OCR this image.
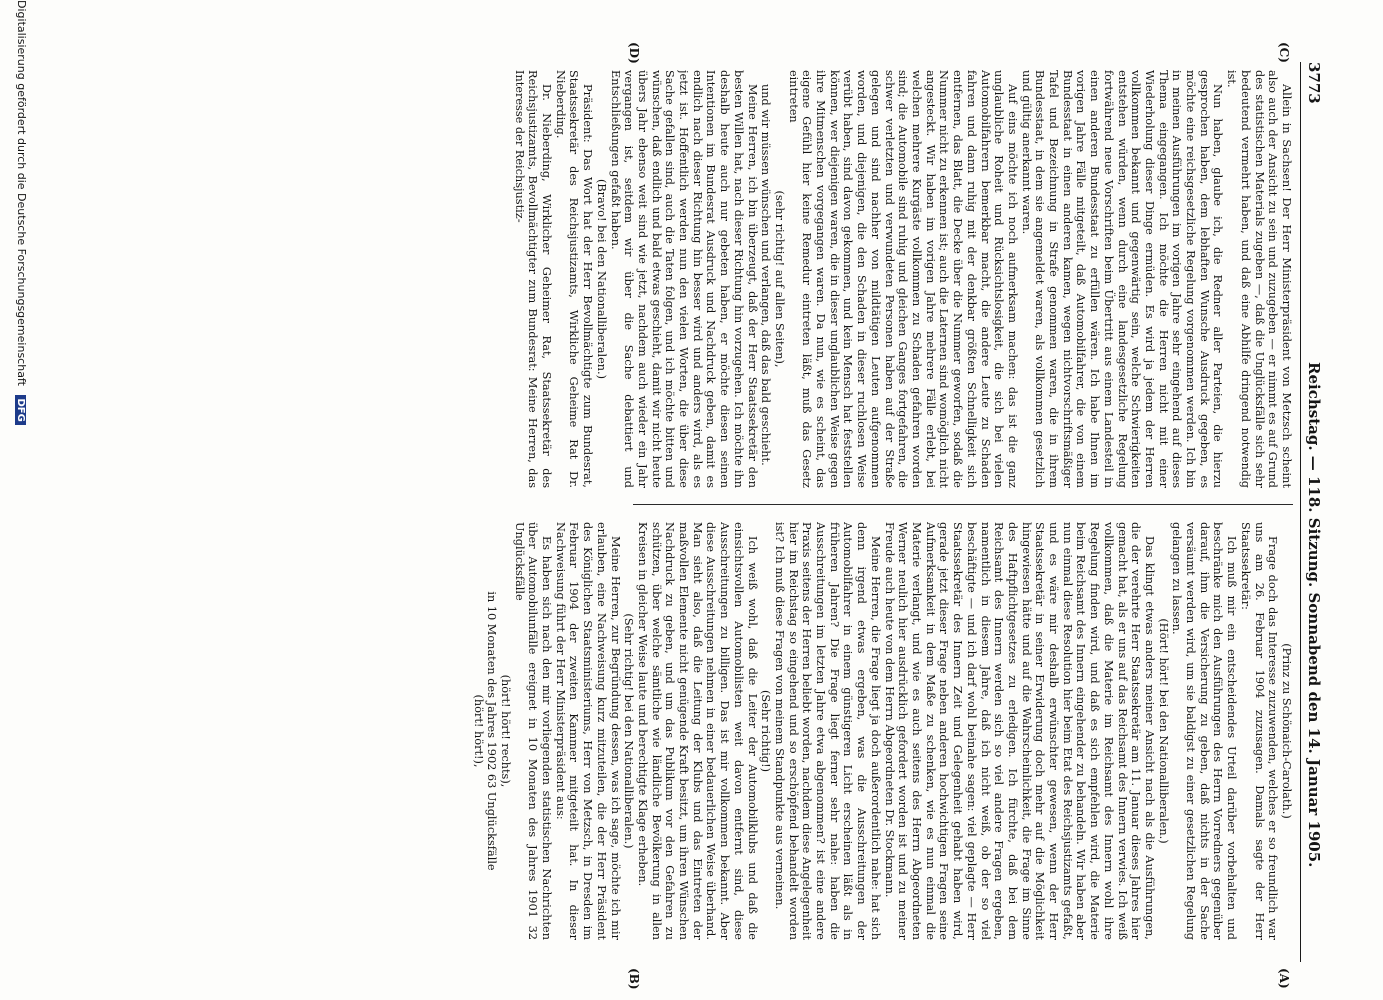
3773
Reichstag. — 118. Sitzung. Sonnabend den 14. Januar 1905.
(C)
(D)
(A)
(B)

Allein in Sachsen! Der Herr Ministerpräsident von Metzsch scheint also auch der Ansicht zu sein und zuzugeben — er nimmt es auf Grund des statistischen Materials zugeben —, daß die Unglücksfälle sich sehr bedeutend vermehrt haben, und daß eine Abhilfe dringend notwendig ist.

Nun haben, glaube ich, die Redner aller Parteien, die hierzu gesprochen haben, dem lebhaften Wunsche Ausdruck gegeben, es möchte eine reichsgesetzliche Regelung vorgenommen werden. Ich bin in meinen Ausführungen im vorigen Jahre sehr eingehend auf dieses Thema eingegangen. Ich möchte die Herren nicht mit einer Wiederholung dieser Dinge ermüden. Es wird ja jedem der Herren vollkommen bekannt und gegenwärtig sein, welche Schwierigkeiten entstehen würden, wenn durch eine landesgesetzliche Regelung fortwährend neue Vorschriften beim Übertritt aus einem Landesteil in einen anderen Bundesstaat zu erfüllen wären. Ich habe Ihnen im vorigen Jahre Fälle mitgeteilt, daß Automobilfahrer, die von einem Bundesstaat in einen anderen kamen, wegen nichtvorschriftsmäßiger Tafel und Bezeichnung in Strafe genommen waren, die in ihrem Bundesstaat, in dem sie angemeldet waren, als vollkommen gesetzlich und gültig anerkannt waren.

Auf eins möchte ich noch aufmerksam machen: das ist die ganz unglaubliche Roheit und Rücksichtslosigkeit, die sich bei vielen Automobilfahrern bemerkbar macht, die andere Leute zu Schaden fahren und dann ruhig mit der denkbar größten Schnelligkeit sich entfernen, das Blatt, die Decke über die Nummer geworfen, sodaß die Nummer nicht zu erkennen ist; auch die Laternen sind womöglich nicht angesteckt. Wir haben im vorigen Jahre mehrere Fälle erlebt, bei welchen mehrere Kurgäste vollkommen zu Schaden gefahren worden sind; die Automobile sind ruhig und gleichen Ganges fortgefahren, die schwer verletzten und verwundeten Personen haben auf der Straße gelegen und sind nachher von mildtätigen Leuten aufgenommen worden, und diejenigen, die den Schaden in dieser ruchlosen Weise verübt haben, sind davon gekommen, und kein Mensch hat feststellen können, wer diejenigen waren, die in dieser unglaublichen Weise gegen ihre Mitmenschen vorgegangen waren. Da nun, wie es scheint, das eigene Gefühl hier keine Remedur eintreten läßt, muß das Gesetz eintreten

(sehr richtig! auf allen Seiten),

und wir müssen wünschen und verlangen, daß das bald geschieht.

Meine Herren, ich bin überzeugt, daß der Herr Staatssekretär den besten Willen hat, nach dieser Richtung hin vorzugehen. Ich möchte ihn deshalb heute auch nur gebeten haben, er möchte diesen seinen Intentionen im Bundesrat Ausdruck und Nachdruck geben, damit es endlich nach dieser Richtung hin besser wird und anders wird, als es jetzt ist. Hoffentlich werden nun den vielen Worten, die über diese Sache gefallen sind, auch die Taten folgen, und ich möchte bitten und wünschen, daß endlich und bald etwas geschieht, damit wir nicht heute übers Jahr ebenso weit sind wie jetzt, nachdem auch wieder ein Jahr vergangen ist, seitdem wir über die Sache debattiert und Entschließungen gefaßt haben.

(Bravo! bei den Nationalliberalen.)

Präsident: Das Wort hat der Herr Bevollmächtigte zum Bundesrat, Staatssekretär des Reichsjustizamts, Wirkliche Geheime Rat Dr. Nieberding.

Dr. Nieberding, Wirklicher Geheimer Rat, Staatssekretär des Reichsjustizamts, Bevollmächtigter zum Bundesrat: Meine Herren, das Interesse der Reichsjustiz-

(Prinz zu Schönaich-Carolath.)

Frage doch das Interesse zuzuwenden, welches er so freundlich war uns am 26. Februar 1904 zuzusagen. Damals sagte der Herr Staatssekretär:

Ich muß mir ein entscheidendes Urteil darüber vorbehalten und beschränke mich den Ausführungen des Herrn Vorredners gegenüber darauf, ihm die Versicherung zu geben, daß nichts in der Sache versäumt werden wird, um sie baldigst zu einer gesetzlichen Regelung gelangen zu lassen.

(Hört! hört! bei den Nationalliberalen.)

Das klingt etwas anders meiner Ansicht nach als die Ausführungen, die der verehrte Herr Staatssekretär am 11. Januar dieses Jahres hier gemacht hat, als er uns auf das Reichsamt des Innern verwies. Ich weiß vollkommen, daß die Materie im Reichsamt des Innern wohl ihre Regelung finden wird, und daß es sich empfehlen wird, die Materie beim Reichsamt des Innern eingehender zu behandeln. Wir haben aber nun einmal diese Resolution hier beim Etat des Reichsjustizamts gefaßt, und es wäre mir deshalb erwünschter gewesen, wenn der Herr Staatssekretär in seiner Erwiderung doch mehr auf die Möglichkeit hingewiesen hätte und auf die Wahrscheinlichkeit, die Frage im Sinne des Haftpflichtgesetzes zu erledigen. Ich fürchte, daß bei dem Reichsamt des Innern werden sich so viel andere Fragen ergeben, namentlich in diesem Jahre, daß ich nicht weiß, ob der so viel beschäftigte — und ich darf wohl beinahe sagen: viel geplagte — Herr Staatssekretär des Innern Zeit und Gelegenheit gehabt haben wird, gerade jetzt dieser Frage neben anderen hochwichtigen Fragen seine Aufmerksamkeit in dem Maße zu schenken, wie es nun einmal die Materie verlangt, und wie es auch seitens des Herrn Abgeordneten Werner neulich hier ausdrücklich gefordert worden ist und zu meiner Freude auch heute von dem Herrn Abgeordneten Dr. Stockmann.

Meine Herren, die Frage liegt ja doch außerordentlich nahe: hat sich denn irgend etwas ergeben, was die Ausschreitungen der Automobilfahrer in einem günstigeren Licht erscheinen läßt als in früheren Jahren? Die Frage liegt ferner sehr nahe: haben die Ausschreitungen im letzten Jahre etwa abgenommen? ist eine andere Praxis seitens der Herren beliebt worden, nachdem diese Angelegenheit hier im Reichstag so eingehend und so erschöpfend behandelt worden ist? Ich muß diese Fragen von meinem Standpunkte aus verneinen.

(Sehr richtig!)

Ich weiß wohl, daß die Leiter der Automobilklubs und daß die einsichtsvollen Automobilisten weit davon entfernt sind, diese Ausschreitungen zu billigen. Das ist mir vollkommen bekannt. Aber diese Ausschreitungen nehmen in einer bedauerlichen Weise überhand. Man sieht also, daß die Leitung der Klubs und das Eintreten der maßvollen Elemente nicht genügende Kraft besitzt, um ihren Wünschen Nachdruck zu geben, und um das Publikum vor den Gefahren zu schützen, über welche sämtliche wie ländliche Bevölkerung in allen Kreisen in gleicher Weise laute und berechtigte Klage erheben.

(Sehr richtig! bei den Nationalliberalen.)

Meine Herren, zur Begründung dessen, was ich sage, möchte ich mir erlauben, eine Nachweisung kurz mitzuteilen, die der Herr Präsident des Königlichen Staatsministeriums, Herr von Metzsch, in Dresden im Februar 1904 der zweiten Kammer mitgeteilt hat. In dieser Nachweisung führt der Herr Ministerpräsident aus:

Es haben sich nach den mir vorliegenden statistischen Nachrichten über Automobilunfälle ereignet in 10 Monaten des Jahres 1901 32 Unglücksfälle

(hört! hört! rechts),

in 10 Monaten des Jahres 1902 63 Unglücksfälle

(hört! hört!),

Digitalisierung gefördert durch die Deutsche Forschungsgemeinschaft DFG
